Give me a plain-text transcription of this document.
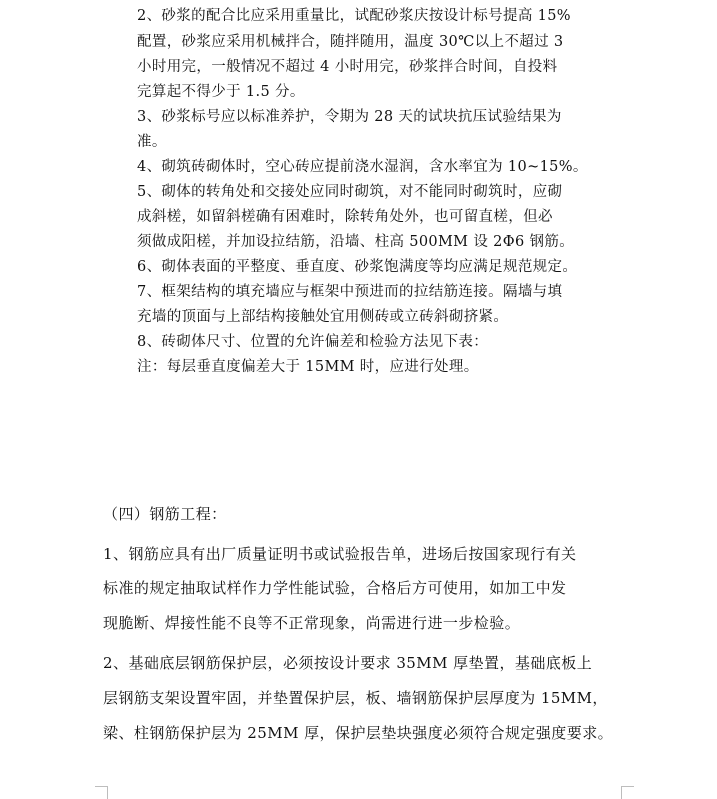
2、砂浆的配合比应采用重量比，试配砂浆庆按设计标号提高 15%
配置，砂浆应采用机械拌合，随拌随用，温度 30℃以上不超过 3
小时用完，一般情况不超过 4 小时用完，砂浆拌合时间，自投料
完算起不得少于 1.5 分。
3、砂浆标号应以标准养护，令期为 28 天的试块抗压试验结果为
准。
4、砌筑砖砌体时，空心砖应提前浇水湿润，含水率宜为 10~15%。
5、砌体的转角处和交接处应同时砌筑，对不能同时砌筑时，应砌
成斜槎，如留斜槎确有困难时，除转角处外，也可留直槎，但必
须做成阳槎，并加设拉结筋，沿墙、柱高 500MM 设 2Φ6 钢筋。
6、砌体表面的平整度、垂直度、砂浆饱满度等均应满足规范规定。
7、框架结构的填充墙应与框架中预进而的拉结筋连接。隔墙与填
充墙的顶面与上部结构接触处宜用侧砖或立砖斜砌挤紧。
8、砖砌体尺寸、位置的允许偏差和检验方法见下表：
注：每层垂直度偏差大于 15MM 时，应进行处理。
（四）钢筋工程：
1、钢筋应具有出厂质量证明书或试验报告单，进场后按国家现行有关
标准的规定抽取试样作力学性能试验，合格后方可使用，如加工中发
现脆断、焊接性能不良等不正常现象，尚需进行进一步检验。
2、基础底层钢筋保护层，必须按设计要求 35MM 厚垫置，基础底板上
层钢筋支架设置牢固，并垫置保护层，板、墙钢筋保护层厚度为 15MM，
梁、柱钢筋保护层为 25MM 厚，保护层垫块强度必须符合规定强度要求。
